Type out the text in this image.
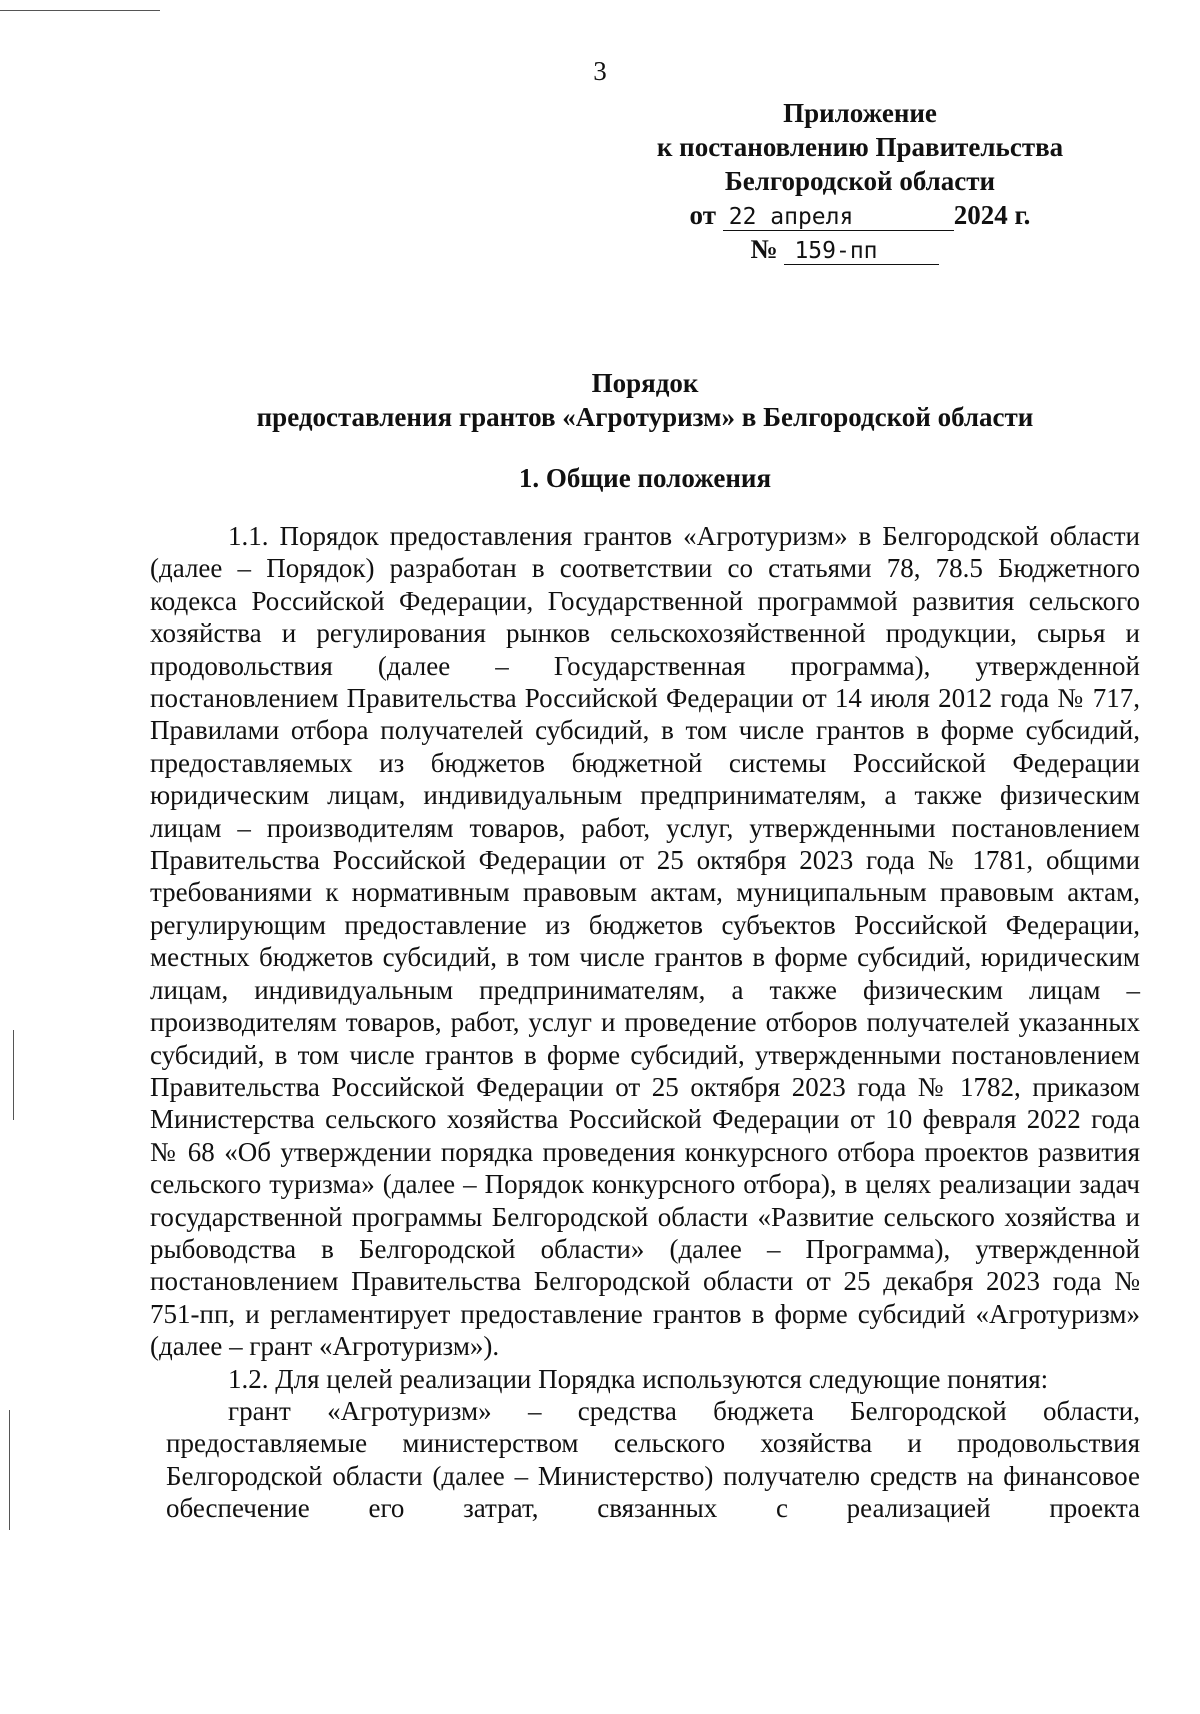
3
Приложение
к постановлению Правительства
Белгородской области
от 22 апреля	2024 г.
№ 159-пп
Порядок
предоставления грантов «Агротуризм» в Белгородской области
1. Общие положения

1.1. Порядок предоставления грантов «Агротуризм» в Белгородской области (далее – Порядок) разработан в соответствии со статьями 78, 78.5 Бюджетного кодекса Российской Федерации, Государственной программой развития сельского хозяйства и регулирования рынков сельскохозяйственной продукции, сырья и продовольствия (далее – Государственная программа), утвержденной постановлением Правительства Российской Федерации от 14 июля 2012 года № 717, Правилами отбора получателей субсидий, в том числе грантов в форме субсидий, предоставляемых из бюджетов бюджетной системы Российской Федерации юридическим лицам, индивидуальным предпринимателям, а также физическим лицам – производителям товаров, работ, услуг, утвержденными постановлением Правительства Российской Федерации от 25 октября 2023 года № 1781, общими требованиями к нормативным правовым актам, муниципальным правовым актам, регулирующим предоставление из бюджетов субъектов Российской Федерации, местных бюджетов субсидий, в том числе грантов в форме субсидий, юридическим лицам, индивидуальным предпринимателям, а также физическим лицам – производителям товаров, работ, услуг и проведение отборов получателей указанных субсидий, в том числе грантов в форме субсидий, утвержденными постановлением Правительства Российской Федерации от 25 октября 2023 года № 1782, приказом Министерства сельского хозяйства Российской Федерации от 10 февраля 2022 года № 68 «Об утверждении порядка проведения конкурсного отбора проектов развития сельского туризма» (далее – Порядок конкурсного отбора), в целях реализации задач государственной программы Белгородской области «Развитие сельского хозяйства и рыбоводства в Белгородской области» (далее – Программа), утвержденной постановлением Правительства Белгородской области от 25 декабря 2023 года № 751-пп, и регламентирует предоставление грантов в форме субсидий «Агротуризм» (далее – грант «Агротуризм»).

1.2. Для целей реализации Порядка используются следующие понятия:

грант «Агротуризм» – средства бюджета Белгородской области, предоставляемые министерством сельского хозяйства и продовольствия Белгородской области (далее – Министерство) получателю средств на финансовое обеспечение его затрат, связанных с реализацией проекта
